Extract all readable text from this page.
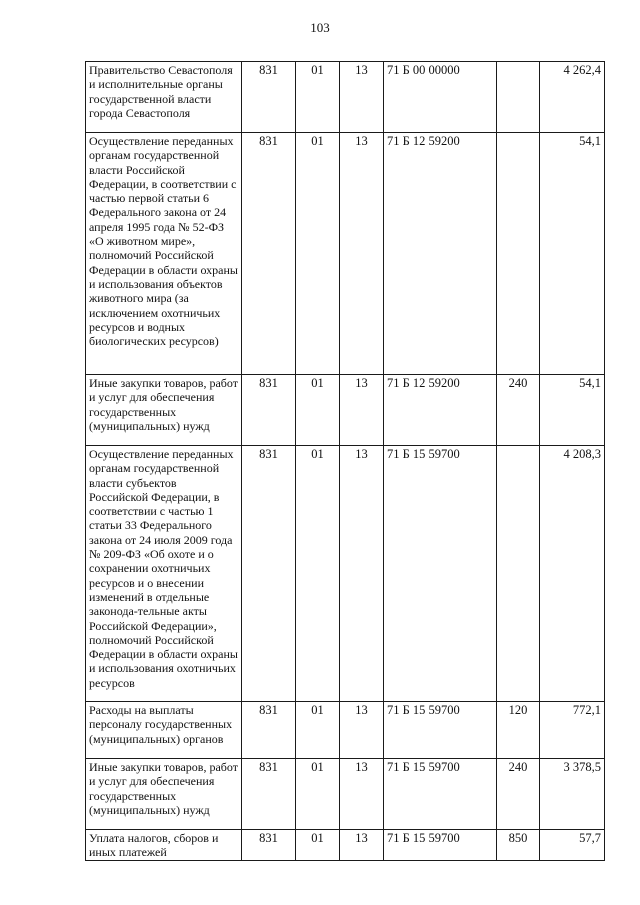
103
Правительство Севастополя и исполнительные органы государственной власти города Севастополя	831	01	13	71 Б 00 00000		4 262,4
Осуществление переданных органам государственной власти Российской Федерации, в соответствии с частью первой статьи 6 Федерального закона от 24 апреля 1995 года № 52-ФЗ «О животном мире», полномочий Российской Федерации в области охраны и использования объектов животного мира (за исключением охотничьих ресурсов и водных биологических ресурсов)	831	01	13	71 Б 12 59200		54,1
Иные закупки товаров, работ и услуг для обеспечения государственных (муниципальных) нужд	831	01	13	71 Б 12 59200	240	54,1
Осуществление переданных органам государственной власти субъектов Российской Федерации, в соответствии с частью 1 статьи 33 Федерального закона от 24 июля 2009 года № 209-ФЗ «Об охоте и о сохранении охотничьих ресурсов и о внесении изменений в отдельные законода-тельные акты Российской Федерации», полномочий Российской Федерации в области охраны и использования охотничьих ресурсов	831	01	13	71 Б 15 59700		4 208,3
Расходы на выплаты персоналу государственных (муниципальных) органов	831	01	13	71 Б 15 59700	120	772,1
Иные закупки товаров, работ и услуг для обеспечения государственных (муниципальных) нужд	831	01	13	71 Б 15 59700	240	3 378,5
Уплата налогов, сборов и иных платежей	831	01	13	71 Б 15 59700	850	57,7
